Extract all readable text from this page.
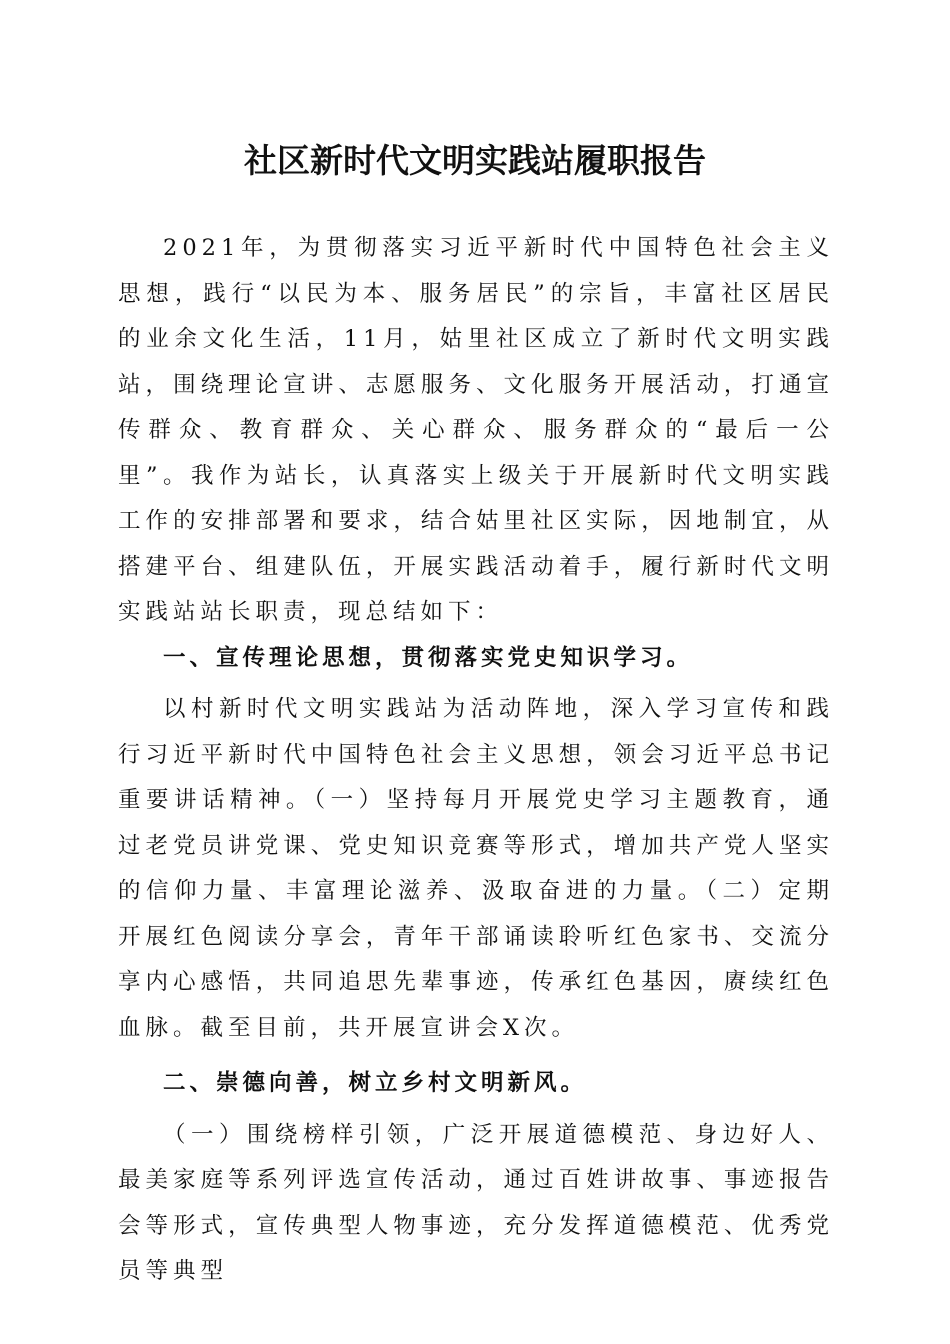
社区新时代文明实践站履职报告

2021年，为贯彻落实习近平新时代中国特色社会主义思想，践行“以民为本、服务居民”的宗旨，丰富社区居民的业余文化生活，11月，姑里社区成立了新时代文明实践站，围绕理论宣讲、志愿服务、文化服务开展活动，打通宣传群众、教育群众、关心群众、服务群众的“最后一公里”。我作为站长，认真落实上级关于开展新时代文明实践工作的安排部署和要求，结合姑里社区实际，因地制宜，从搭建平台、组建队伍，开展实践活动着手，履行新时代文明实践站站长职责，现总结如下：

一、宣传理论思想，贯彻落实党史知识学习。

以村新时代文明实践站为活动阵地，深入学习宣传和践行习近平新时代中国特色社会主义思想，领会习近平总书记重要讲话精神。（一）坚持每月开展党史学习主题教育，通过老党员讲党课、党史知识竞赛等形式，增加共产党人坚实的信仰力量、丰富理论滋养、汲取奋进的力量。（二）定期开展红色阅读分享会，青年干部诵读聆听红色家书、交流分享内心感悟，共同追思先辈事迹，传承红色基因，赓续红色血脉。截至目前，共开展宣讲会X次。

二、崇德向善，树立乡村文明新风。

（一）围绕榜样引领，广泛开展道德模范、身边好人、最美家庭等系列评选宣传活动，通过百姓讲故事、事迹报告会等形式，宣传典型人物事迹，充分发挥道德模范、优秀党员等典型
